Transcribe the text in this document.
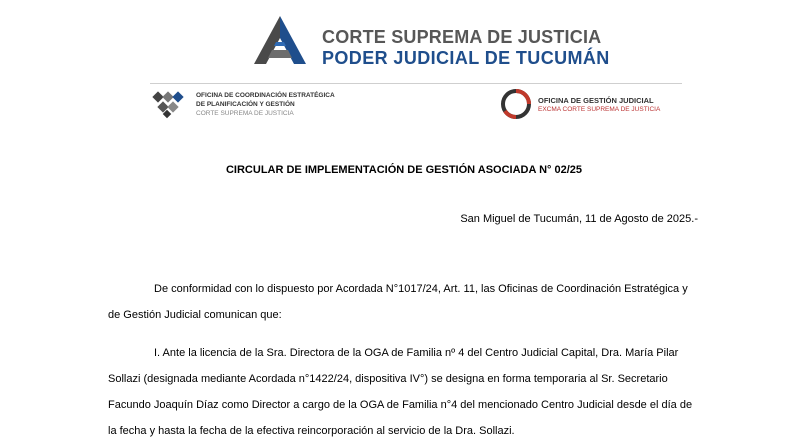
CORTE SUPREMA DE JUSTICIA
PODER JUDICIAL DE TUCUMÁN
OFICINA DE COORDINACIÓN ESTRATÉGICA
DE PLANIFICACIÓN Y GESTIÓN
CORTE SUPREMA DE JUSTICIA
OFICINA DE GESTIÓN JUDICIAL
EXCMA CORTE SUPREMA DE JUSTICIA
CIRCULAR DE IMPLEMENTACIÓN DE GESTIÓN ASOCIADA N° 02/25
San Miguel de Tucumán, 11 de Agosto de 2025.-
De conformidad con lo dispuesto por Acordada N°1017/24, Art. 11, las Oficinas de Coordinación Estratégica y de Gestión Judicial comunican que:
I. Ante la licencia de la Sra. Directora de la OGA de Familia nº 4 del Centro Judicial Capital, Dra. María Pilar Sollazi (designada mediante Acordada n°1422/24, dispositiva IV°) se designa en forma temporaria al Sr. Secretario Facundo Joaquín Díaz como Director a cargo de la OGA de Familia n°4 del mencionado Centro Judicial desde el día de la fecha y hasta la fecha de la efectiva reincorporación al servicio de la Dra. Sollazi.
